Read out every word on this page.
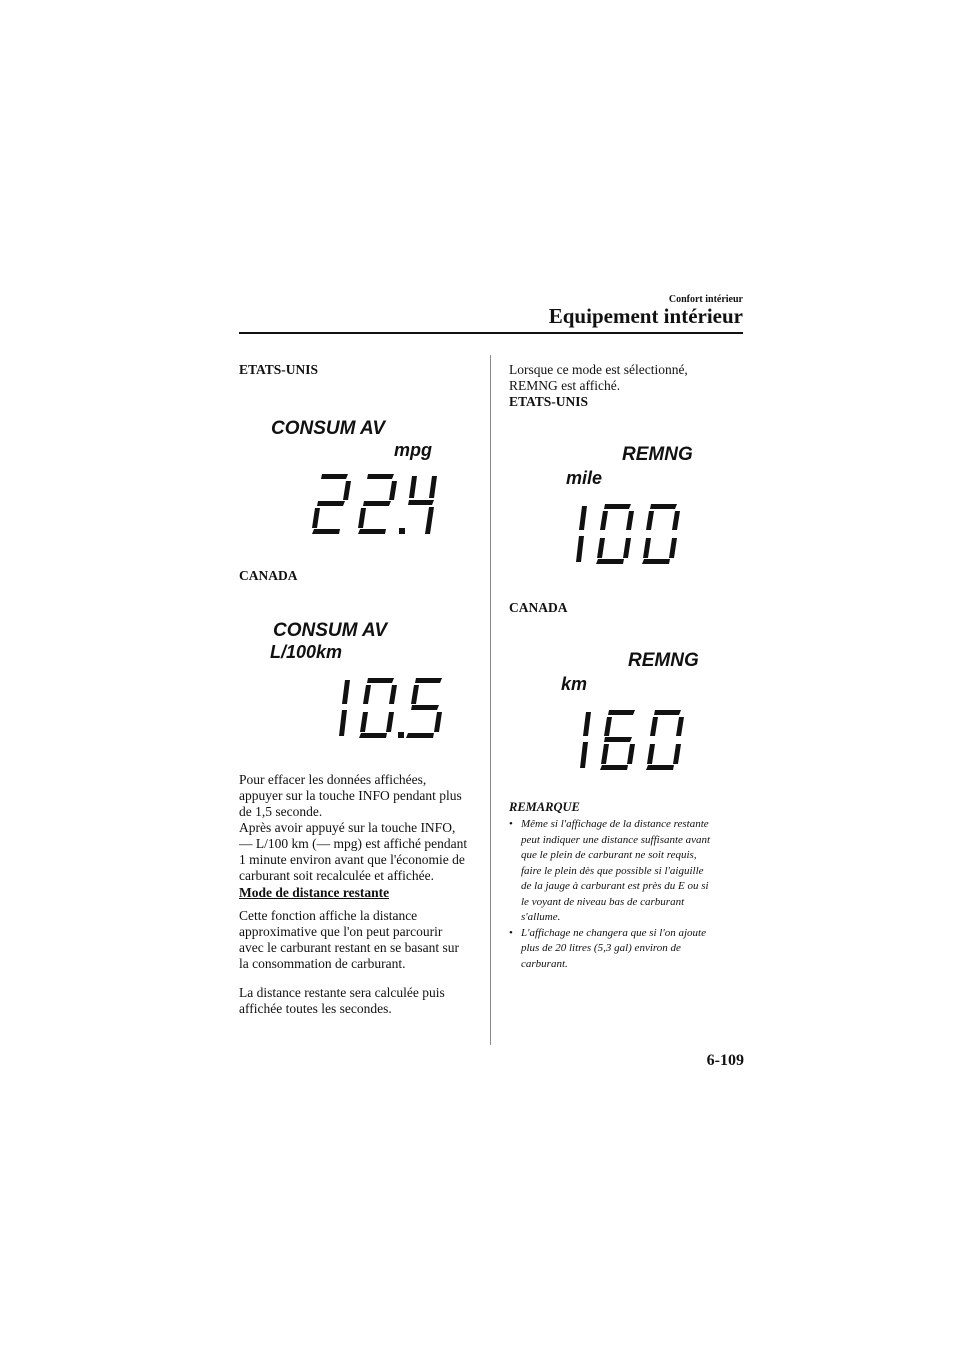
Confort intérieur
Equipement intérieur
ETATS-UNIS
CONSUM AV
mpg
CANADA
CONSUM AV
L/100km
Pour effacer les données affichées,
appuyer sur la touche INFO pendant plus
de 1,5 seconde.
Après avoir appuyé sur la touche INFO,
— L/100 km (— mpg) est affiché pendant
1 minute environ avant que l'économie de
carburant soit recalculée et affichée.
Mode de distance restante
Cette fonction affiche la distance
approximative que l'on peut parcourir
avec le carburant restant en se basant sur
la consommation de carburant.
La distance restante sera calculée puis
affichée toutes les secondes.
Lorsque ce mode est sélectionné,
REMNG est affiché.
ETATS-UNIS
REMNG
mile
CANADA
REMNG
km
REMARQUE
• Même si l'affichage de la distance restante
peut indiquer une distance suffisante avant
que le plein de carburant ne soit requis,
faire le plein dès que possible si l'aiguille
de la jauge à carburant est près du E ou si
le voyant de niveau bas de carburant
s'allume.
• L'affichage ne changera que si l'on ajoute
plus de 20 litres (5,3 gal) environ de
carburant.
6-109
carmanualsonline.info
